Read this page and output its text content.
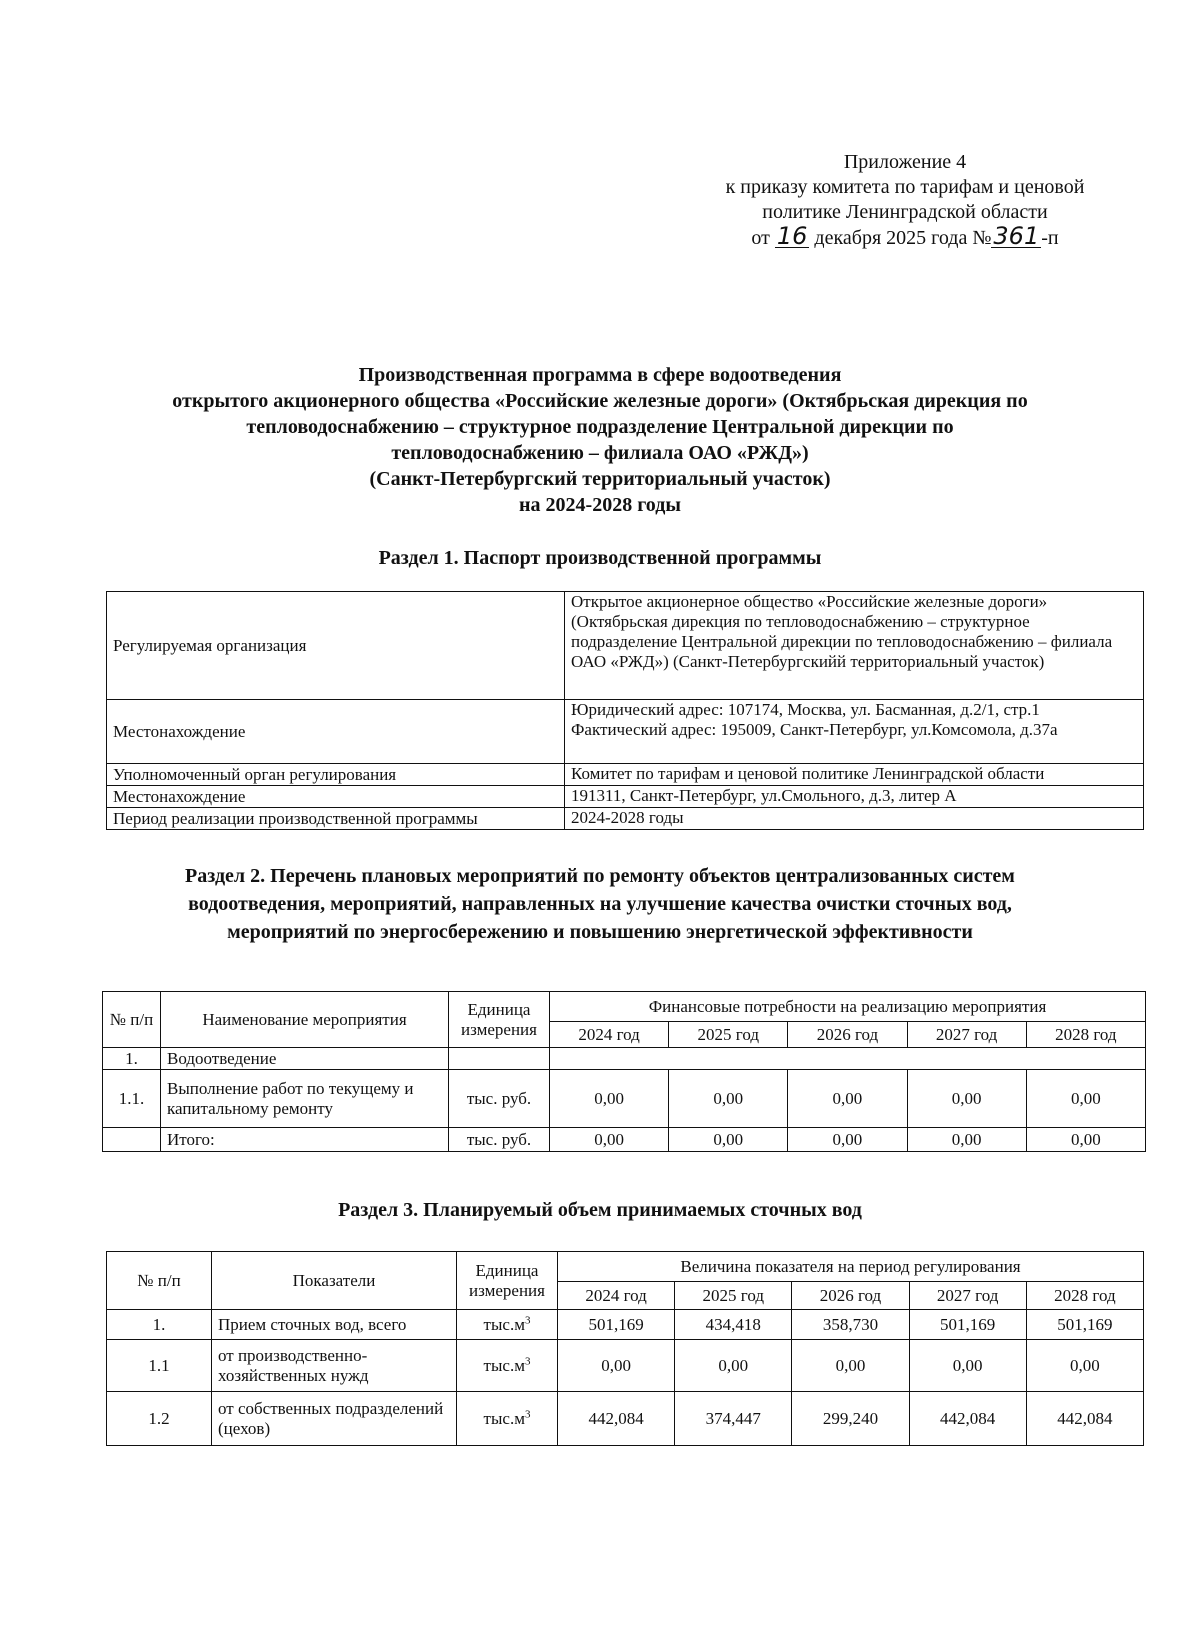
Приложение 4
к приказу комитета по тарифам и ценовой
политике Ленинградской области
от 16 декабря 2025 года №361 -п
Производственная программа в сфере водоотведения
открытого акционерного общества «Российские железные дороги» (Октябрьская дирекция по
тепловодоснабжению – структурное подразделение Центральной дирекции по
тепловодоснабжению – филиала ОАО «РЖД»)
(Санкт-Петербургский территориальный участок)
на 2024-2028 годы
Раздел 1. Паспорт производственной программы
Регулируемая организация	Открытое акционерное общество «Российские железные дороги» (Октябрьская дирекция по тепловодоснабжению – структурное подразделение Центральной дирекции по тепловодоснабжению – филиала ОАО «РЖД») (Санкт-Петербургскийй территориальный участок)
Местонахождение	Юридический адрес: 107174, Москва, ул. Басманная, д.2/1, стр.1 Фактический адрес: 195009, Санкт-Петербург, ул.Комсомола, д.37а
Уполномоченный орган регулирования	Комитет по тарифам и ценовой политике Ленинградской области
Местонахождение	191311, Санкт-Петербург, ул.Смольного, д.3, литер А
Период реализации производственной программы	2024-2028 годы
Раздел 2. Перечень плановых мероприятий по ремонту объектов централизованных систем
водоотведения, мероприятий, направленных на улучшение качества очистки сточных вод,
мероприятий по энергосбережению и повышению энергетической эффективности
№ п/п	Наименование мероприятия	Единица измерения	Финансовые потребности на реализацию мероприятия				
			2024 год	2025 год	2026 год	2027 год	2028 год
1.	Водоотведение						
1.1.	Выполнение работ по текущему и капитальному ремонту	тыс. руб.	0,00	0,00	0,00	0,00	0,00
	Итого:	тыс. руб.	0,00	0,00	0,00	0,00	0,00
Раздел 3. Планируемый объем принимаемых сточных вод
№ п/п	Показатели	Единица измерения	Величина показателя на период регулирования				
			2024 год	2025 год	2026 год	2027 год	2028 год
1.	Прием сточных вод, всего	$тыс.м^3$	501,169	434,418	358,730	501,169	501,169
1.1	от производственно-хозяйственных нужд	$тыс.м^3$	0,00	0,00	0,00	0,00	0,00
1.2	от собственных подразделений (цехов)	$тыс.м^3$	442,084	374,447	299,240	442,084	442,084
